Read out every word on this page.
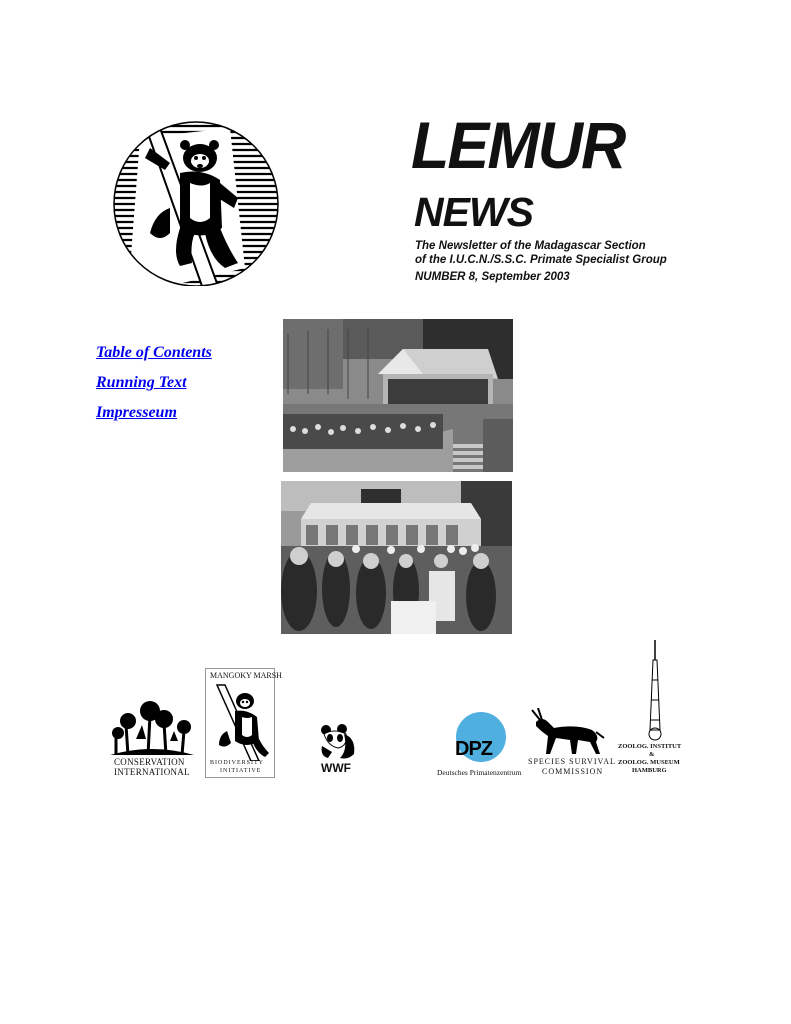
LEMUR
NEWS
The Newsletter of the Madagascar Section
of the I.U.C.N./S.S.C. Primate Specialist Group
NUMBER 8, September 2003
Table of Contents
Running Text
Impresseum
CONSERVATION
INTERNATIONAL
MANGOKY MARSH
BIODIVERSITY
INITIATIVE	WWF
DPZ
Deutsches Primatenzentrum
SPECIES SURVIVAL
COMMISSION
ZOOLOG. INSTITUT
&
ZOOLOG. MUSEUM
HAMBURG
